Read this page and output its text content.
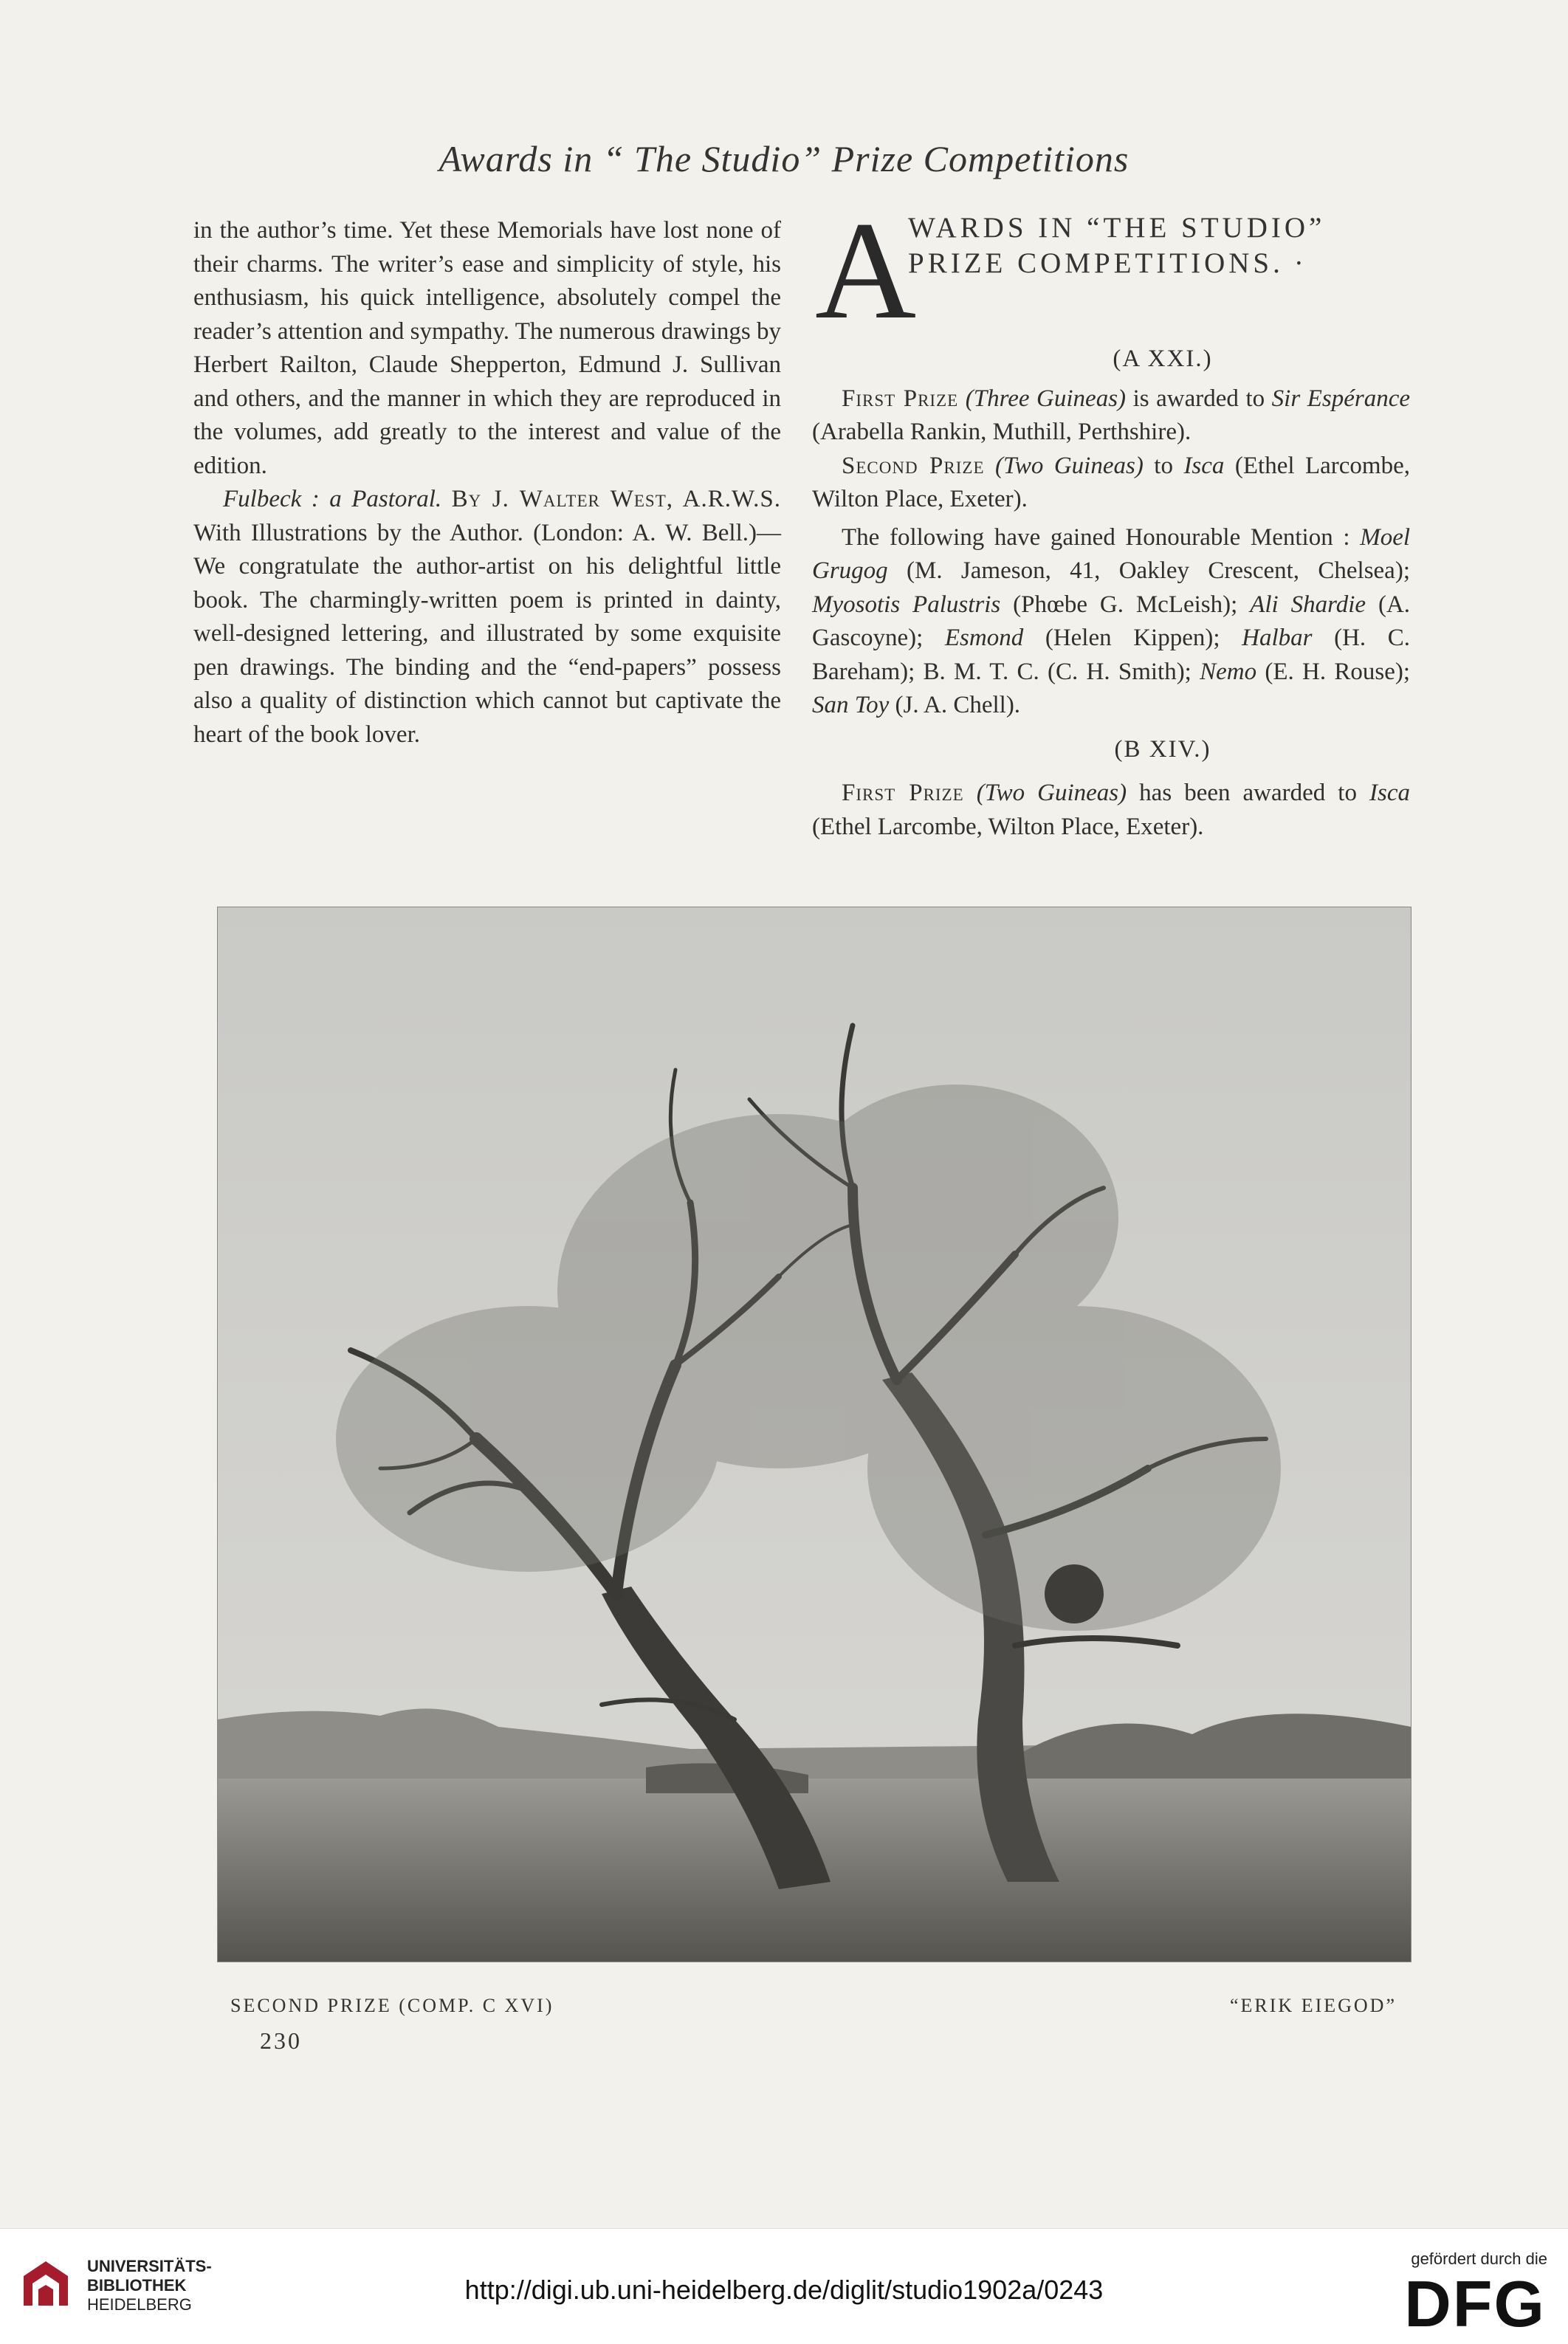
Awards in “ The Studio” Prize Competitions

in the author’s time. Yet these Memorials have lost none of their charms. The writer’s ease and simplicity of style, his enthusiasm, his quick intelligence, absolutely compel the reader’s attention and sympathy. The numerous drawings by Herbert Railton, Claude Shepperton, Edmund J. Sullivan and others, and the manner in which they are reproduced in the volumes, add greatly to the interest and value of the edition.

Fulbeck : a Pastoral. By J. Walter West, A.R.W.S. With Illustrations by the Author. (London: A. W. Bell.)—We congratulate the author-artist on his delightful little book. The charmingly-written poem is printed in dainty, well-designed lettering, and illustrated by some exquisite pen drawings. The binding and the “end-papers” possess also a quality of distinction which cannot but captivate the heart of the book lover.

A
WARDS IN “THE STUDIO”
PRIZE COMPETITIONS. ·
(A XXI.)

First Prize (Three Guineas) is awarded to Sir Espérance (Arabella Rankin, Muthill, Perthshire).

Second Prize (Two Guineas) to Isca (Ethel Larcombe, Wilton Place, Exeter).

The following have gained Honourable Mention : Moel Grugog (M. Jameson, 41, Oakley Crescent, Chelsea); Myosotis Palustris (Phœbe G. McLeish); Ali Shardie (A. Gascoyne); Esmond (Helen Kippen); Halbar (H. C. Bareham); B. M. T. C. (C. H. Smith); Nemo (E. H. Rouse); San Toy (J. A. Chell).

(B XIV.)

First Prize (Two Guineas) has been awarded to Isca (Ethel Larcombe, Wilton Place, Exeter).

SECOND PRIZE (COMP. C XVI)	“ERIK EIEGOD”
230
UNIVERSITÄTS-
BIBLIOTHEK
HEIDELBERG	http://digi.ub.uni-heidelberg.de/diglit/studio1902a/0243
gefördert durch die
DFG
